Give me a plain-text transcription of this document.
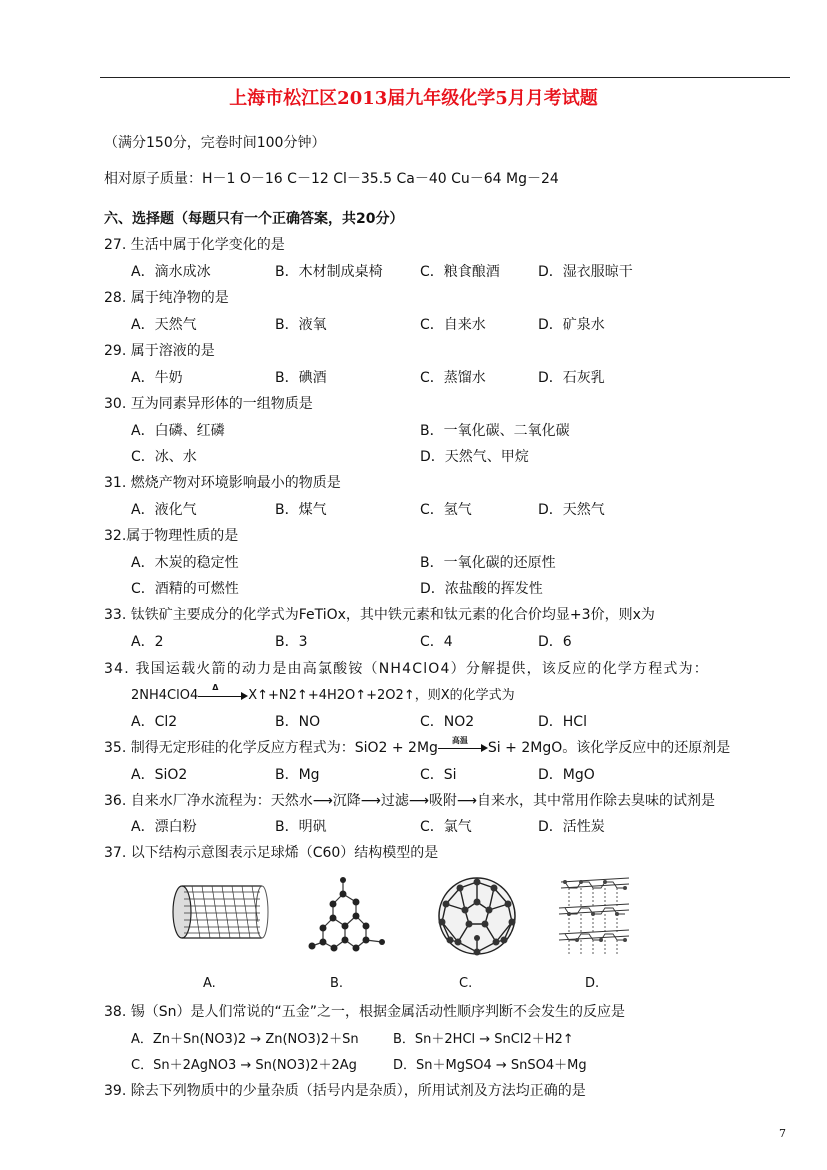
上海市松江区2013届九年级化学5月月考试题
（满分150分，完卷时间100分钟）
相对原子质量：H－1 O－16 C－12 Cl－35.5 Ca－40 Cu－64 Mg－24
六、选择题（每题只有一个正确答案，共20分）
27. 生活中属于化学变化的是
A．滴水成冰	B．木材制成桌椅	C．粮食酿酒	D．湿衣服晾干
28. 属于纯净物的是
A．天然气	B．液氧	C．自来水	D．矿泉水
29. 属于溶液的是
A．牛奶	B．碘酒	C．蒸馏水	D．石灰乳
30. 互为同素异形体的一组物质是
A．白磷、红磷	B．一氧化碳、二氧化碳
C．冰、水	D．天然气、甲烷
31. 燃烧产物对环境影响最小的物质是
A．液化气	B．煤气	C．氢气	D．天然气
32.属于物理性质的是
A．木炭的稳定性	B．一氧化碳的还原性
C．酒精的可燃性	D．浓盐酸的挥发性
33. 钛铁矿主要成分的化学式为FeTiOx，其中铁元素和钛元素的化合价均显+3价，则x为
A．2	B．3	C．4	D．6
34. 我国运载火箭的动力是由高氯酸铵（NH4ClO4）分解提供，该反应的化学方程式为：
2NH4ClO4
Δ
X↑+N2↑+4H2O↑+2O2↑，则X的化学式为
A．Cl2	B．NO	C．NO2	D．HCl
35. 制得无定形硅的化学反应方程式为：SiO2 + 2Mg 高温 Si + 2MgO。该化学反应中的还原剂是
A．SiO2	B．Mg	C．Si	D．MgO
36. 自来水厂净水流程为：天然水⟶沉降⟶过滤⟶吸附⟶自来水，其中常用作除去臭味的试剂是
A．漂白粉	B．明矾	C．氯气	D．活性炭
37. 以下结构示意图表示足球烯（C60）结构模型的是
A.	B.	C.	D.
38. 锡（Sn）是人们常说的“五金”之一，根据金属活动性顺序判断不会发生的反应是
A．Zn＋Sn(NO3)2 → Zn(NO3)2＋Sn	B．Sn＋2HCl → SnCl2＋H2↑
C．Sn＋2AgNO3 → Sn(NO3)2＋2Ag	D．Sn＋MgSO4 → SnSO4＋Mg
39. 除去下列物质中的少量杂质（括号内是杂质），所用试剂及方法均正确的是
7
